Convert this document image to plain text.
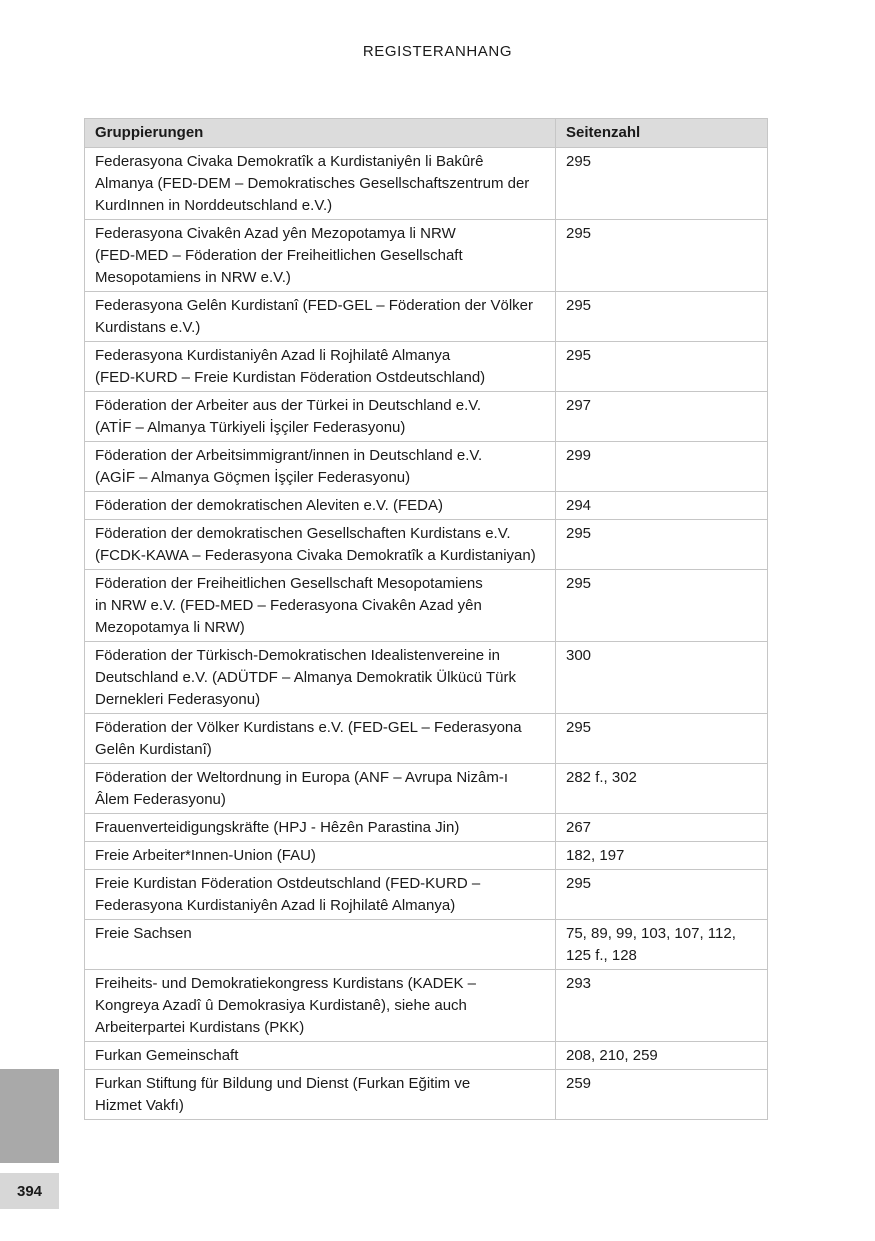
REGISTERANHANG
Gruppierungen	Seitenzahl
Federasyona Civaka Demokratîk a Kurdistaniyên li Bakûrê
Almanya (FED-DEM – Demokratisches Gesellschaftszentrum der
KurdInnen in Norddeutschland e.V.)	295
Federasyona Civakên Azad yên Mezopotamya li NRW
(FED-MED – Föderation der Freiheitlichen Gesellschaft
Mesopotamiens in NRW e.V.)	295
Federasyona Gelên Kurdistanî (FED-GEL – Föderation der Völker
Kurdistans e.V.)	295
Federasyona Kurdistaniyên Azad li Rojhilatê Almanya
(FED-KURD – Freie Kurdistan Föderation Ostdeutschland)	295
Föderation der Arbeiter aus der Türkei in Deutschland e.V.
(ATİF – Almanya Türkiyeli İşçiler Federasyonu)	297
Föderation der Arbeitsimmigrant/innen in Deutschland e.V.
(AGİF – Almanya Göçmen İşçiler Federasyonu)	299
Föderation der demokratischen Aleviten e.V. (FEDA)	294
Föderation der demokratischen Gesellschaften Kurdistans e.V.
(FCDK-KAWA – Federasyona Civaka Demokratîk a Kurdistaniyan)	295
Föderation der Freiheitlichen Gesellschaft Mesopotamiens
in NRW e.V. (FED-MED – Federasyona Civakên Azad yên
Mezopotamya li NRW)	295
Föderation der Türkisch-Demokratischen Idealistenvereine in
Deutschland e.V. (ADÜTDF – Almanya Demokratik Ülkücü Türk
Dernekleri Federasyonu)	300
Föderation der Völker Kurdistans e.V. (FED-GEL – Federasyona
Gelên Kurdistanî)	295
Föderation der Weltordnung in Europa (ANF – Avrupa Nizâm-ı
Âlem Federasyonu)	282 f., 302
Frauenverteidigungskräfte (HPJ - Hêzên Parastina Jin)	267
Freie Arbeiter*Innen-Union (FAU)	182, 197
Freie Kurdistan Föderation Ostdeutschland (FED-KURD –
Federasyona Kurdistaniyên Azad li Rojhilatê Almanya)	295
Freie Sachsen	75, 89, 99, 103, 107, 112,
125 f., 128
Freiheits- und Demokratiekongress Kurdistans (KADEK –
Kongreya Azadî û Demokrasiya Kurdistanê), siehe auch
Arbeiterpartei Kurdistans (PKK)	293
Furkan Gemeinschaft	208, 210, 259
Furkan Stiftung für Bildung und Dienst (Furkan Eğitim ve
Hizmet Vakfı)	259
394
